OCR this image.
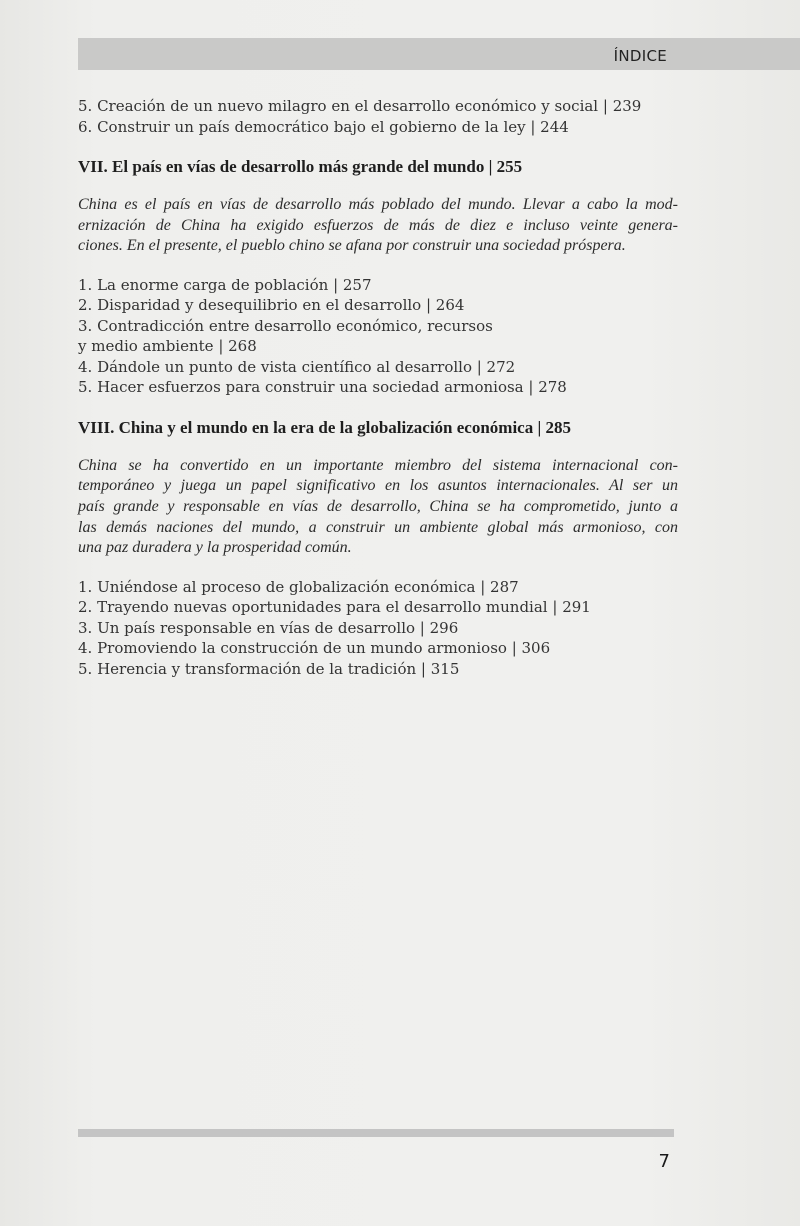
ÍNDICE
5. Creación de un nuevo milagro en el desarrollo económico y social | 239
6. Construir un país democrático bajo el gobierno de la ley | 244
VII. El país en vías de desarrollo más grande del mundo | 255
China es el país en vías de desarrollo más poblado del mundo. Llevar a cabo la mod-
ernización de China ha exigido esfuerzos de más de diez e incluso veinte genera-
ciones. En el presente, el pueblo chino se afana por construir una sociedad próspera.
1. La enorme carga de población | 257
2. Disparidad y desequilibrio en el desarrollo | 264
3. Contradicción entre desarrollo económico, recursos
y medio ambiente | 268
4. Dándole un punto de vista científico al desarrollo | 272
5. Hacer esfuerzos para construir una sociedad armoniosa | 278
VIII. China y el mundo en la era de la globalización económica | 285
China se ha convertido en un importante miembro del sistema internacional con-
temporáneo y juega un papel significativo en los asuntos internacionales. Al ser un
país grande y responsable en vías de desarrollo, China se ha comprometido, junto a
las demás naciones del mundo, a construir un ambiente global más armonioso, con
una paz duradera y la prosperidad común.
1. Uniéndose al proceso de globalización económica | 287
2. Trayendo nuevas oportunidades para el desarrollo mundial | 291
3. Un país responsable en vías de desarrollo | 296
4. Promoviendo la construcción de un mundo armonioso | 306
5. Herencia y transformación de la tradición | 315
7
